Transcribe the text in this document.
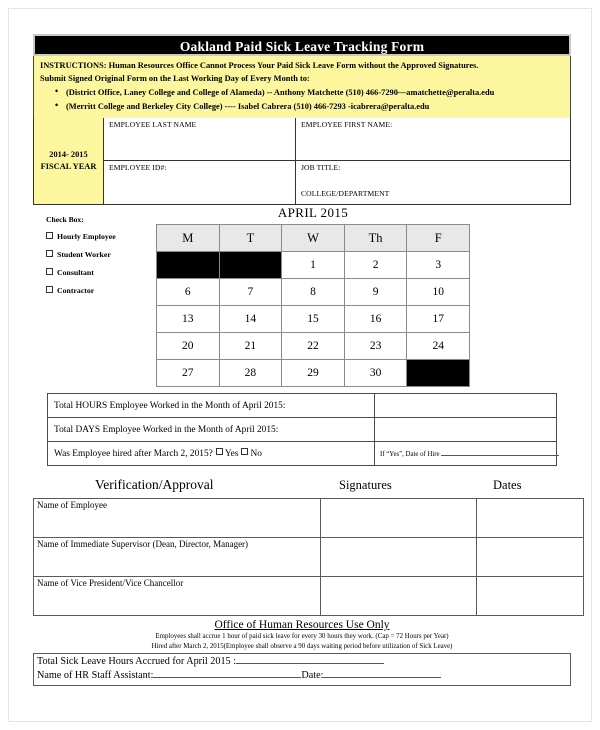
Oakland Paid Sick Leave Tracking Form
INSTRUCTIONS: Human Resources Office Cannot Process Your Paid Sick Leave Form without the Approved Signatures.
Submit Signed Original Form on the Last Working Day of Every Month to:
• (District Office, Laney College and College of Alameda) -- Anthony Matchette (510) 466-7290—amatchette@peralta.edu
• (Merritt College and Berkeley City College) ---- Isabel Cabrera (510) 466-7293 -icabrera@peralta.edu
2014- 2015
FISCAL YEAR
EMPLOYEE LAST NAME	EMPLOYEE FIRST NAME:
EMPLOYEE ID#:	JOB TITLE:
COLLEGE/DEPARTMENT
Check Box:
Hourly Employee
Student Worker
Consultant
Contractor
APRIL 2015
M	T	W	Th	F
		1	2	3
6	7	8	9	10
13	14	15	16	17
20	21	22	23	24
27	28	29	30	
Total HOURS Employee Worked in the Month of April 2015:	
Total DAYS Employee Worked in the Month of April 2015:	
Was Employee hired after March 2, 2015? Yes No	If “Yes”, Date of Hire
Verification/Approval	Signatures	Dates
Name of Employee		
Name of Immediate Supervisor (Dean, Director, Manager)		
Name of Vice President/Vice Chancellor		
Office of Human Resources Use Only
Employees shall accrue 1 hour of paid sick leave for every 30 hours they work. (Cap = 72 Hours per Year)
Hired after March 2, 2015(Employee shall observe a 90 days waiting period before utilization of Sick Leave)
Total Sick Leave Hours Accrued for April 2015 :
Name of HR Staff Assistant:	Date:
